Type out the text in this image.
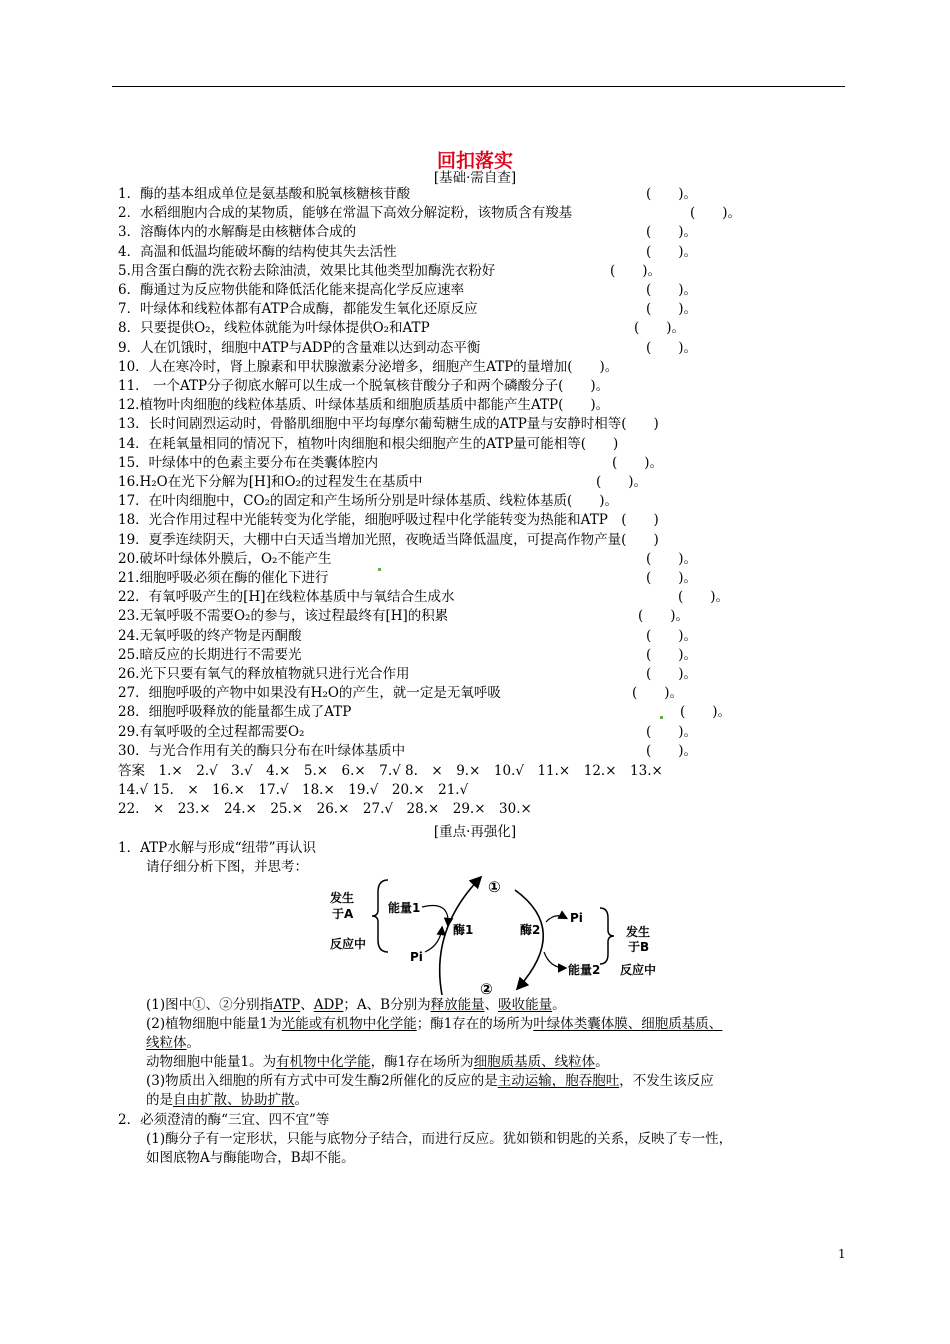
回扣落实
[基础·需自查]
1．酶的基本组成单位是氨基酸和脱氧核糖核苷酸	(　　)。
2．水稻细胞内合成的某物质，能够在常温下高效分解淀粉，该物质含有羧基	(　　)。
3．溶酶体内的水解酶是由核糖体合成的	(　　)。
4．高温和低温均能破坏酶的结构使其失去活性	(　　)。
5.用含蛋白酶的洗衣粉去除油渍，效果比其他类型加酶洗衣粉好	(　　)。
6．酶通过为反应物供能和降低活化能来提高化学反应速率	(　　)。
7．叶绿体和线粒体都有ATP合成酶，都能发生氧化还原反应	(　　)。
8．只要提供O₂，线粒体就能为叶绿体提供O₂和ATP	(　　)。
9．人在饥饿时，细胞中ATP与ADP的含量难以达到动态平衡	(　　)。
10．人在寒冷时，肾上腺素和甲状腺激素分泌增多，细胞产生ATP的量增加(　　)。
11． 一个ATP分子彻底水解可以生成一个脱氧核苷酸分子和两个磷酸分子(　　)。
12.植物叶肉细胞的线粒体基质、叶绿体基质和细胞质基质中都能产生ATP(　　)。
13．长时间剧烈运动时，骨骼肌细胞中平均每摩尔葡萄糖生成的ATP量与安静时相等(　　)
14．在耗氧量相同的情况下，植物叶肉细胞和根尖细胞产生的ATP量可能相等(　　)
15．叶绿体中的色素主要分布在类囊体腔内	(　　)。
16.H₂O在光下分解为[H]和O₂的过程发生在基质中	(　　)。
17．在叶肉细胞中，CO₂的固定和产生场所分别是叶绿体基质、线粒体基质(　　)。
18．光合作用过程中光能转变为化学能，细胞呼吸过程中化学能转变为热能和ATP　(　　)
19．夏季连续阴天，大棚中白天适当增加光照，夜晚适当降低温度，可提高作物产量(　　)
20.破坏叶绿体外膜后，O₂不能产生	(　　)。
21.细胞呼吸必须在酶的催化下进行	(　　)。
22．有氧呼吸产生的[H]在线粒体基质中与氧结合生成水	(　　)。
23.无氧呼吸不需要O₂的参与，该过程最终有[H]的积累	(　　)。
24.无氧呼吸的终产物是丙酮酸	(　　)。
25.暗反应的长期进行不需要光	(　　)。
26.光下只要有氧气的释放植物就只进行光合作用	(　　)。
27．细胞呼吸的产物中如果没有H₂O的产生，就一定是无氧呼吸	(　　)。
28．细胞呼吸释放的能量都生成了ATP	(　　)。
29.有氧呼吸的全过程都需要O₂	(　　)。
30．与光合作用有关的酶只分布在叶绿体基质中	(　　)。
答案　1.×　2.√　3.√　4.×　5.×　6.×　7.√ 8.　×　9.×　10.√　11.×　12.×　13.×
14.√ 15.　×　16.×　17.√　18.×　19.√　20.×　21.√
22.　×　23.×　24.×　25.×　26.×　27.√　28.×　29.×　30.×
[重点·再强化]
1．ATP水解与形成“纽带”再认识
请仔细分析下图，并思考：
发生
于A
反应中
能量1
Pi
酶1
①
②
酶2
Pi
能量2
发生
于B
反应中
(1)图中①、②分别指ATP、ADP；A、B分别为释放能量、吸收能量。
(2)植物细胞中能量1为光能或有机物中化学能；酶1存在的场所为叶绿体类囊体膜、细胞质基质、
线粒体。
动物细胞中能量1。为有机物中化学能，酶1存在场所为细胞质基质、线粒体。
(3)物质出入细胞的所有方式中可发生酶2所催化的反应的是主动运输，胞吞胞吐，不发生该反应
的是自由扩散、协助扩散。
2．必须澄清的酶“三宜、四不宜”等
(1)酶分子有一定形状，只能与底物分子结合，而进行反应。犹如锁和钥匙的关系，反映了专一性，
如图底物A与酶能吻合，B却不能。
1
